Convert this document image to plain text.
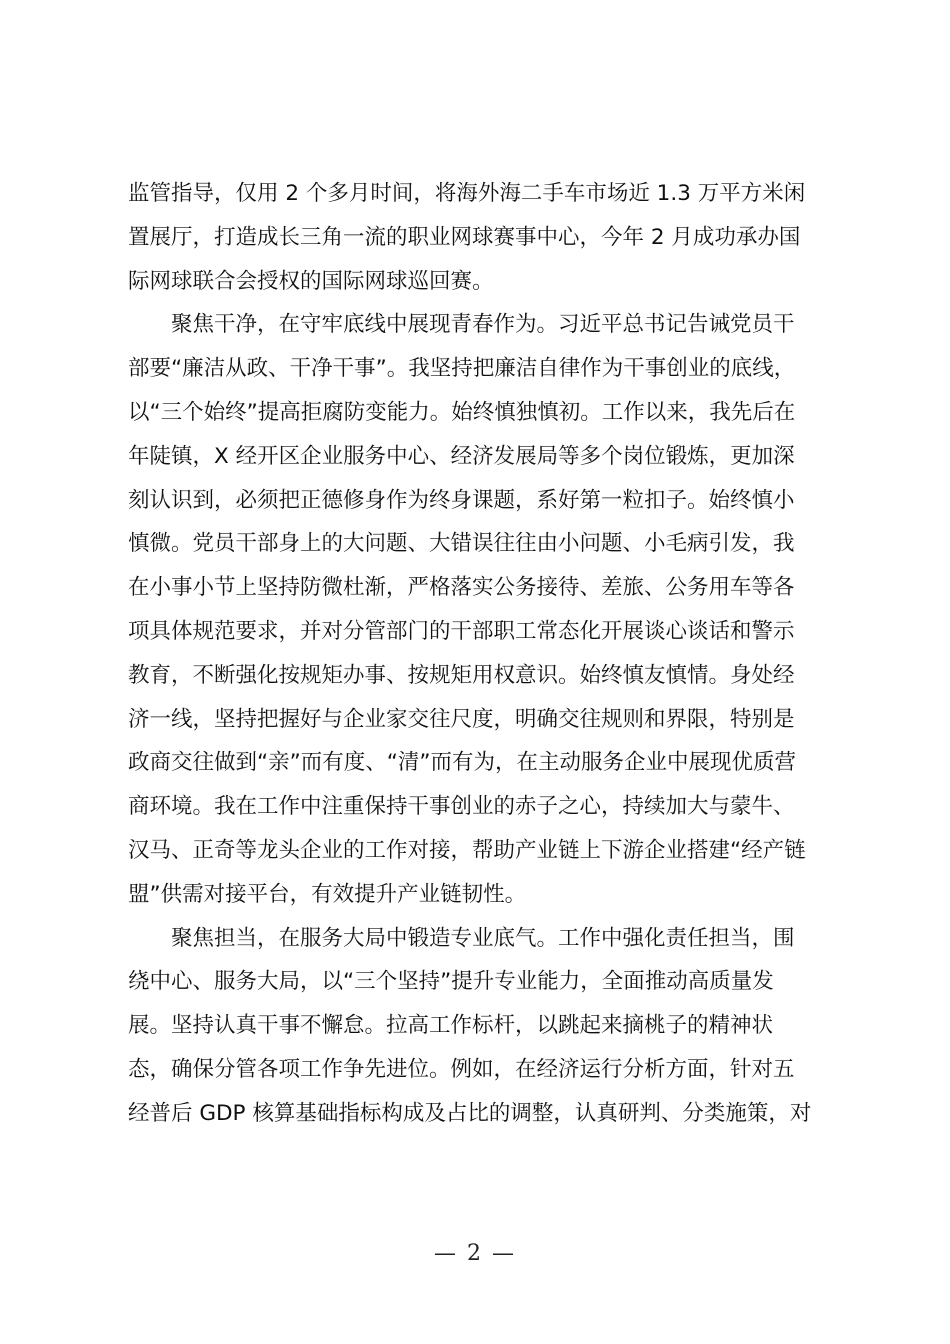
监管指导，仅用 2 个多月时间，将海外海二手车市场近 1.3 万平方米闲
置展厅，打造成长三角一流的职业网球赛事中心，今年 2 月成功承办国
际网球联合会授权的国际网球巡回赛。
　　聚焦干净，在守牢底线中展现青春作为。习近平总书记告诫党员干
部要“廉洁从政、干净干事”。我坚持把廉洁自律作为干事创业的底线，
以“三个始终”提高拒腐防变能力。始终慎独慎初。工作以来，我先后在
年陡镇，X 经开区企业服务中心、经济发展局等多个岗位锻炼，更加深
刻认识到，必须把正德修身作为终身课题，系好第一粒扣子。始终慎小
慎微。党员干部身上的大问题、大错误往往由小问题、小毛病引发，我
在小事小节上坚持防微杜渐，严格落实公务接待、差旅、公务用车等各
项具体规范要求，并对分管部门的干部职工常态化开展谈心谈话和警示
教育，不断强化按规矩办事、按规矩用权意识。始终慎友慎情。身处经
济一线，坚持把握好与企业家交往尺度，明确交往规则和界限，特别是
政商交往做到“亲”而有度、“清”而有为，在主动服务企业中展现优质营
商环境。我在工作中注重保持干事创业的赤子之心，持续加大与蒙牛、
汉马、正奇等龙头企业的工作对接，帮助产业链上下游企业搭建“经产链
盟”供需对接平台，有效提升产业链韧性。
　　聚焦担当，在服务大局中锻造专业底气。工作中强化责任担当，围
绕中心、服务大局，以“三个坚持”提升专业能力，全面推动高质量发
展。坚持认真干事不懈怠。拉高工作标杆，以跳起来摘桃子的精神状
态，确保分管各项工作争先进位。例如，在经济运行分析方面，针对五
经普后 GDP 核算基础指标构成及占比的调整，认真研判、分类施策，对
— 2 —
